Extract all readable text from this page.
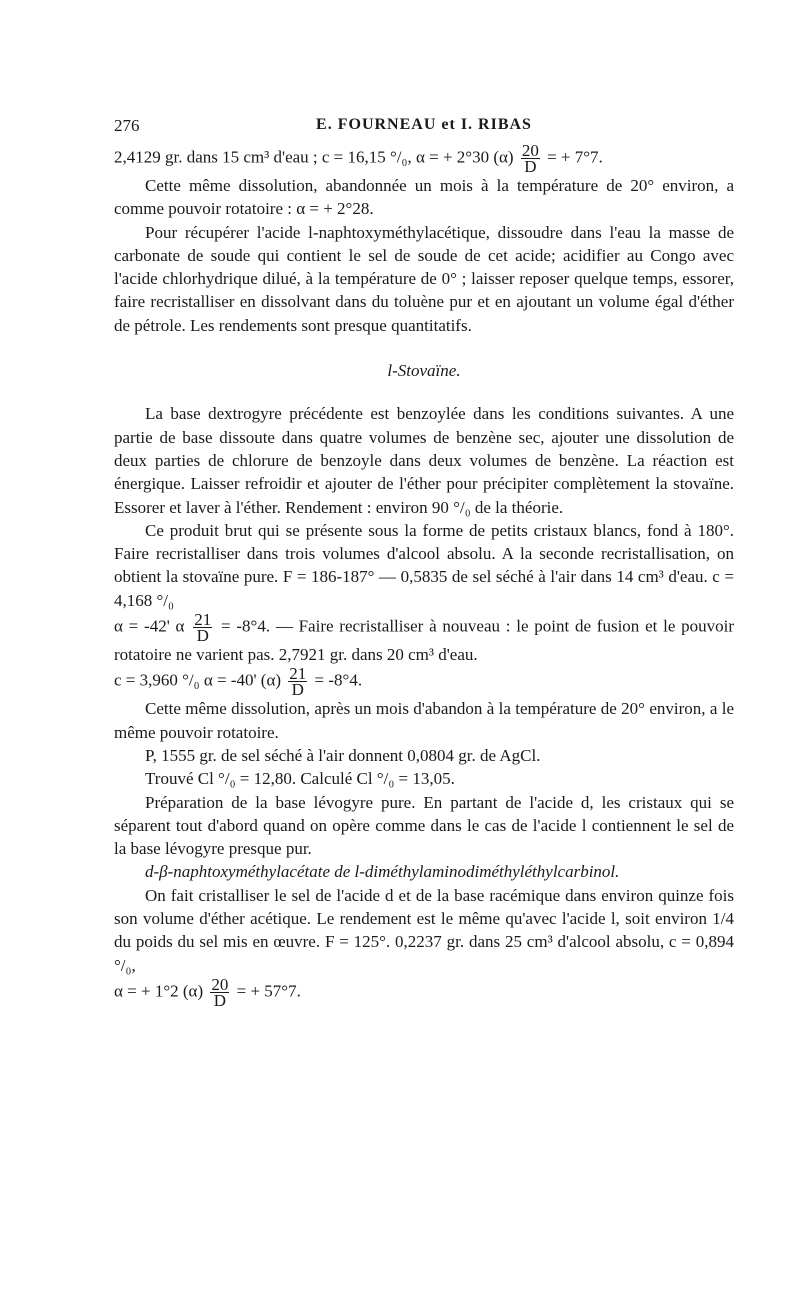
276	E. FOURNEAU et I. RIBAS

2,4129 gr. dans 15 cm³ d'eau ; c = 16,15 °/₀, α = + 2°30 $(\alpha) \frac{20}{D}$ = + 7°7.

Cette même dissolution, abandonnée un mois à la température de 20° environ, a comme pouvoir rotatoire : α = + 2°28.

Pour récupérer l'acide l-naphtoxyméthylacétique, dissoudre dans l'eau la masse de carbonate de soude qui contient le sel de soude de cet acide; acidifier au Congo avec l'acide chlorhydrique dilué, à la température de 0° ; laisser reposer quelque temps, essorer, faire recristalliser en dissolvant dans du toluène pur et en ajoutant un volume égal d'éther de pétrole. Les rendements sont presque quantitatifs.

l-Stovaïne.

La base dextrogyre précédente est benzoylée dans les conditions suivantes. A une partie de base dissoute dans quatre volumes de benzène sec, ajouter une dissolution de deux parties de chlorure de benzoyle dans deux volumes de benzène. La réaction est énergique. Laisser refroidir et ajouter de l'éther pour précipiter complètement la stovaïne. Essorer et laver à l'éther. Rendement : environ 90 °/₀ de la théorie.

Ce produit brut qui se présente sous la forme de petits cristaux blancs, fond à 180°. Faire recristalliser dans trois volumes d'alcool absolu. A la seconde recristallisation, on obtient la stovaïne pure. F = 186-187° — 0,5835 de sel séché à l'air dans 14 cm³ d'eau. c = 4,168 °/₀

α = -42' α $\frac{21}{D} = -8^\circ 4$. — Faire recristalliser à nouveau : le point de fusion et le pouvoir rotatoire ne varient pas. 2,7921 gr. dans 20 cm³ d'eau.

c = 3,960 °/₀ α = -40' $(\alpha) \frac{21}{D} = -8^\circ 4$.

Cette même dissolution, après un mois d'abandon à la température de 20° environ, a le même pouvoir rotatoire.

P, 1555 gr. de sel séché à l'air donnent 0,0804 gr. de AgCl.

Trouvé Cl °/₀ = 12,80. Calculé Cl °/₀ = 13,05.

Préparation de la base lévogyre pure. En partant de l'acide d, les cristaux qui se séparent tout d'abord quand on opère comme dans le cas de l'acide l contiennent le sel de la base lévogyre presque pur.

d-β-naphtoxyméthylacétate de l-diméthylaminodiméthyléthylcarbinol.

On fait cristalliser le sel de l'acide d et de la base racémique dans environ quinze fois son volume d'éther acétique. Le rendement est le même qu'avec l'acide l, soit environ 1/4 du poids du sel mis en œuvre. F = 125°. 0,2237 gr. dans 25 cm³ d'alcool absolu, c = 0,894 °/₀,

α = + 1°2 $(\alpha) \frac{20}{D}$ = + 57°7.
